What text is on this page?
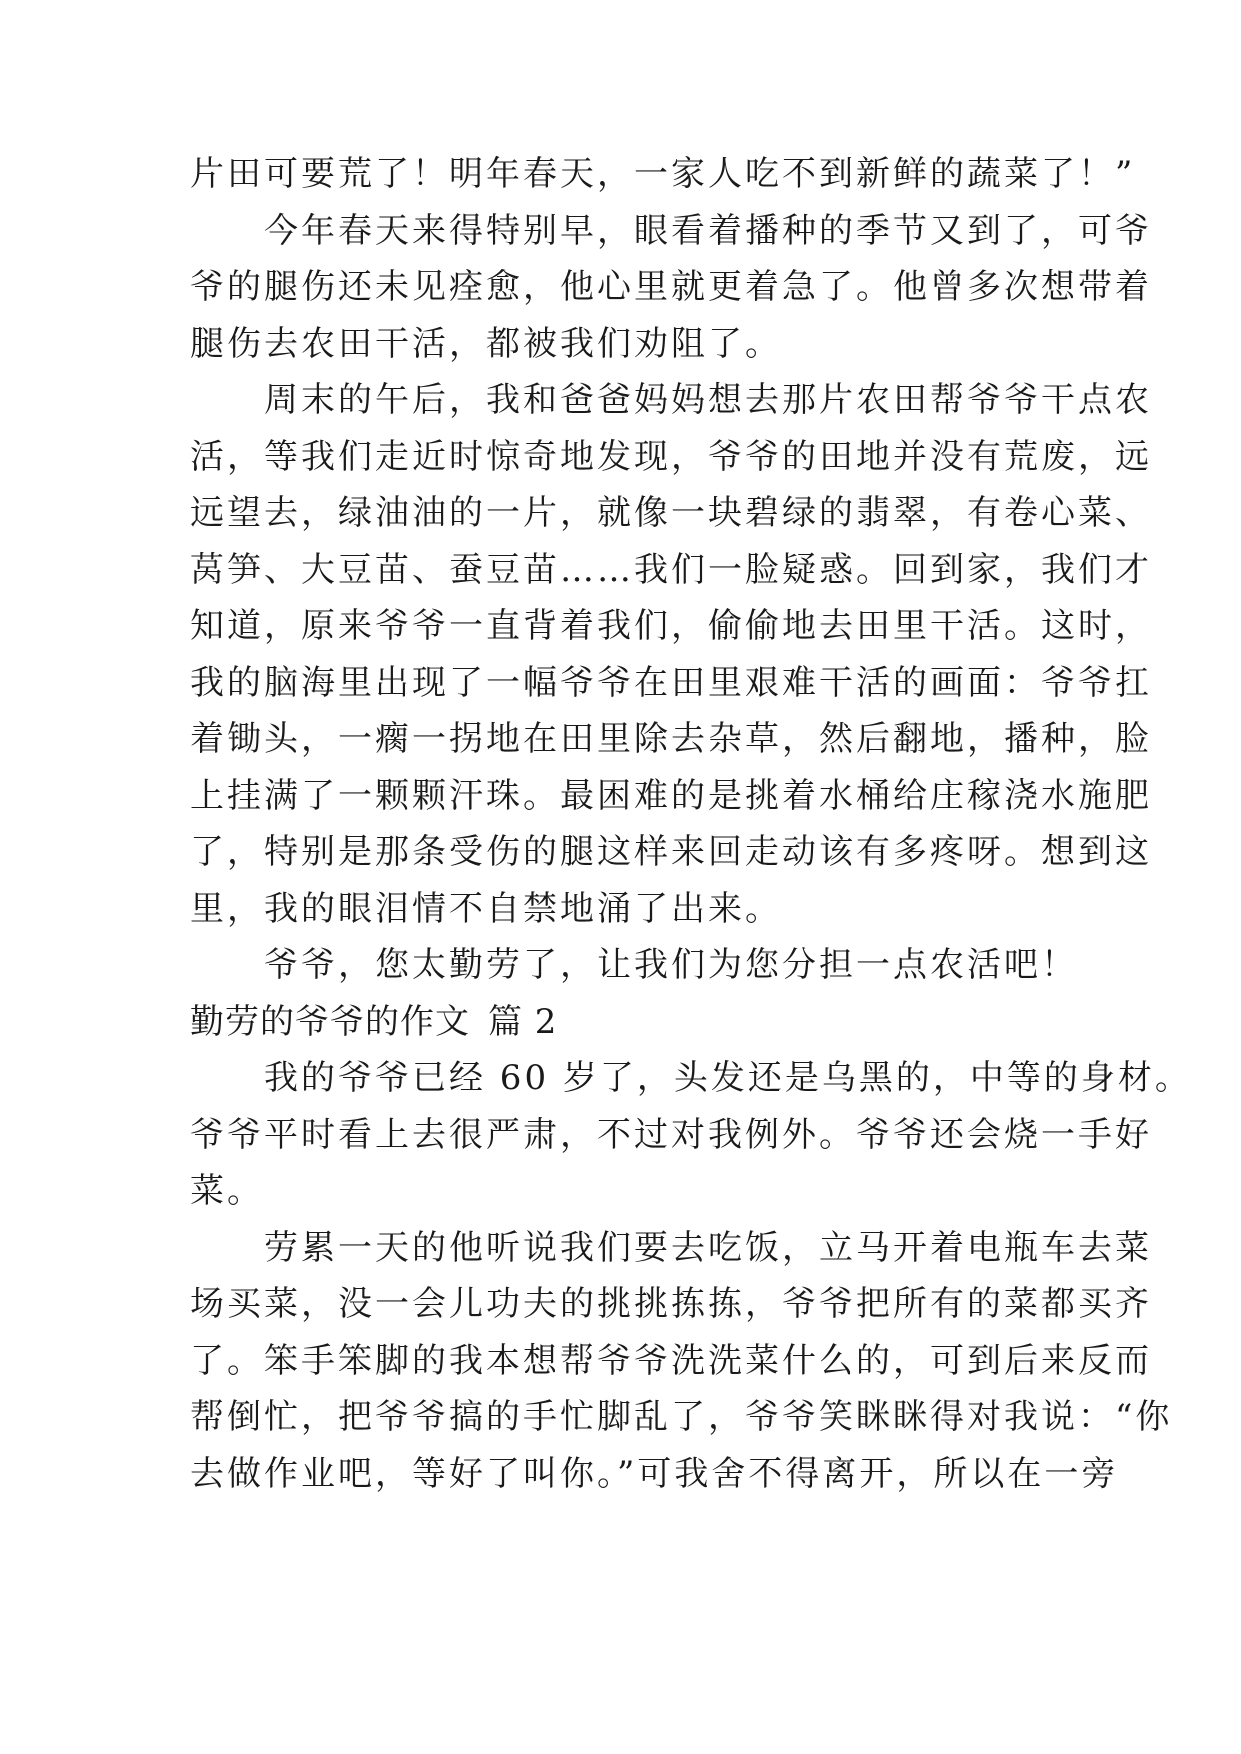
片田可要荒了！明年春天，一家人吃不到新鲜的蔬菜了！”

　　今年春天来得特别早，眼看着播种的季节又到了，可爷

爷的腿伤还未见痊愈，他心里就更着急了。他曾多次想带着

腿伤去农田干活，都被我们劝阻了。

　　周末的午后，我和爸爸妈妈想去那片农田帮爷爷干点农

活，等我们走近时惊奇地发现，爷爷的田地并没有荒废，远

远望去，绿油油的一片，就像一块碧绿的翡翠，有卷心菜、

莴笋、大豆苗、蚕豆苗……我们一脸疑惑。回到家，我们才

知道，原来爷爷一直背着我们，偷偷地去田里干活。这时，

我的脑海里出现了一幅爷爷在田里艰难干活的画面：爷爷扛

着锄头，一瘸一拐地在田里除去杂草，然后翻地，播种，脸

上挂满了一颗颗汗珠。最困难的是挑着水桶给庄稼浇水施肥

了，特别是那条受伤的腿这样来回走动该有多疼呀。想到这

里，我的眼泪情不自禁地涌了出来。

　　爷爷，您太勤劳了，让我们为您分担一点农活吧！

勤劳的爷爷的作文 篇 2

　　我的爷爷已经 60 岁了，头发还是乌黑的，中等的身材。

爷爷平时看上去很严肃，不过对我例外。爷爷还会烧一手好

菜。

　　劳累一天的他听说我们要去吃饭，立马开着电瓶车去菜

场买菜，没一会儿功夫的挑挑拣拣，爷爷把所有的菜都买齐

了。笨手笨脚的我本想帮爷爷洗洗菜什么的，可到后来反而

帮倒忙，把爷爷搞的手忙脚乱了，爷爷笑眯眯得对我说：“你

去做作业吧，等好了叫你。”可我舍不得离开，所以在一旁
